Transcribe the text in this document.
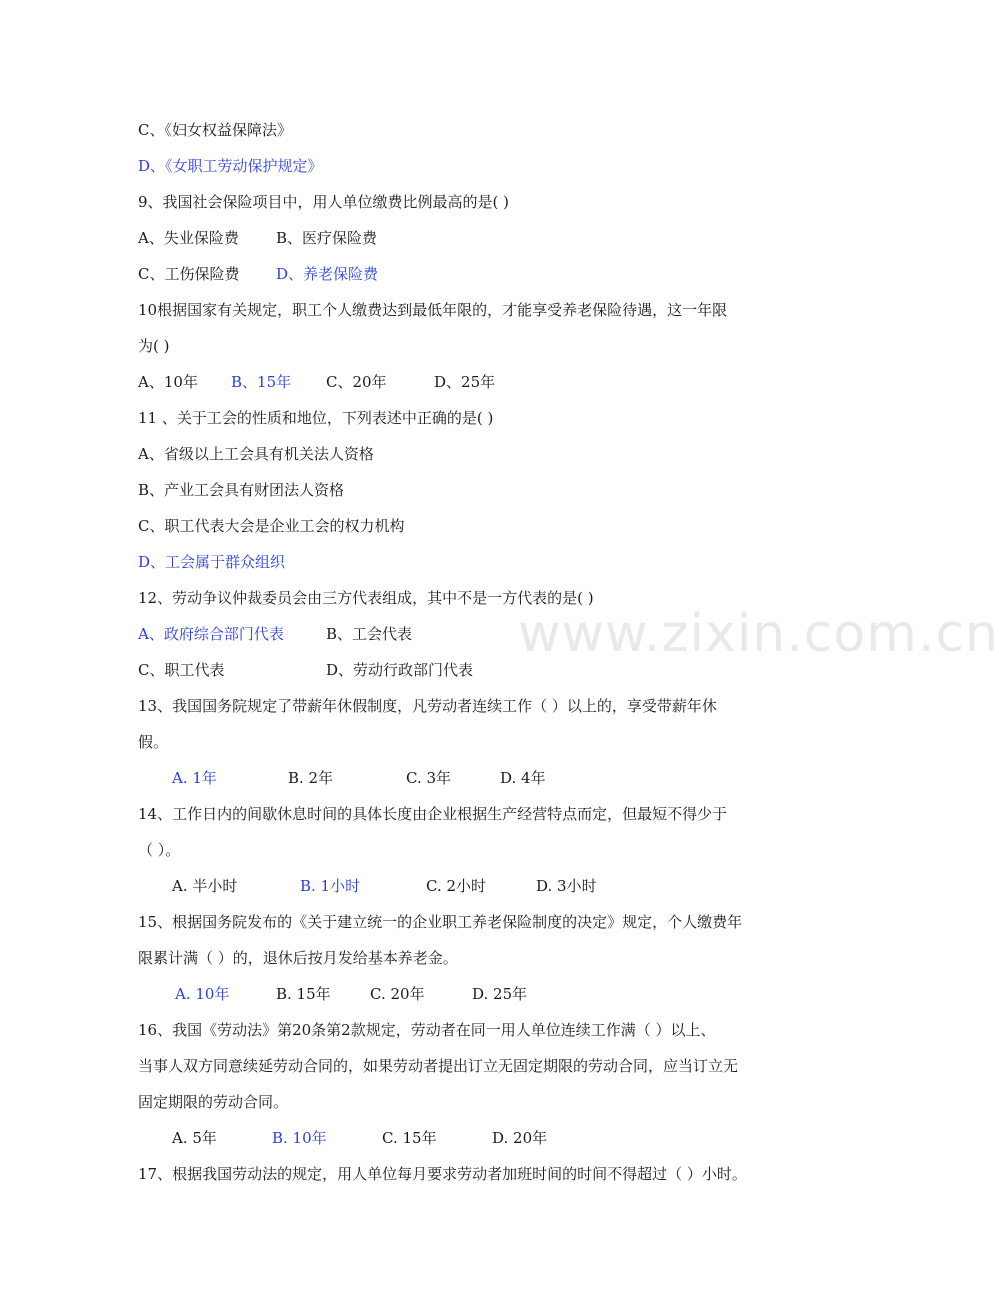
C、《妇女权益保障法》
D、《女职工劳动保护规定》
9、我国社会保险项目中，用人单位缴费比例最高的是( )
A、失业保险费 B、医疗保险费
C、工伤保险费 D、养老保险费
10根据国家有关规定，职工个人缴费达到最低年限的，才能享受养老保险待遇，这一年限
为( )
A、10年 B、15年 C、20年	D、25年
11 、关于工会的性质和地位，下列表述中正确的是( )
A、省级以上工会具有机关法人资格
B、产业工会具有财团法人资格
C、职工代表大会是企业工会的权力机构
D、工会属于群众组织
12、劳动争议仲裁委员会由三方代表组成，其中不是一方代表的是( )
A、政府综合部门代表	B、工会代表
C、职工代表	D、劳动行政部门代表
13、我国国务院规定了带薪年休假制度，凡劳动者连续工作（ ）以上的，享受带薪年休
假。
A. 1年	B. 2年	C. 3年	D. 4年
14、工作日内的间歇休息时间的具体长度由企业根据生产经营特点而定，但最短不得少于
（ ）。
A. 半小时	B. 1小时	C. 2小时	D. 3小时
15、根据国务院发布的《关于建立统一的企业职工养老保险制度的决定》规定，个人缴费年
限累计满（ ）的，退休后按月发给基本养老金。
A. 10年	B. 15年	C. 20年	D. 25年
16、我国《劳动法》第20条第2款规定，劳动者在同一用人单位连续工作满（ ）以上、
当事人双方同意续延劳动合同的，如果劳动者提出订立无固定期限的劳动合同，应当订立无
固定期限的劳动合同。
A. 5年	B. 10年	C. 15年	D. 20年
17、根据我国劳动法的规定，用人单位每月要求劳动者加班时间的时间不得超过（ ）小时。
www.zixin.com.cn
